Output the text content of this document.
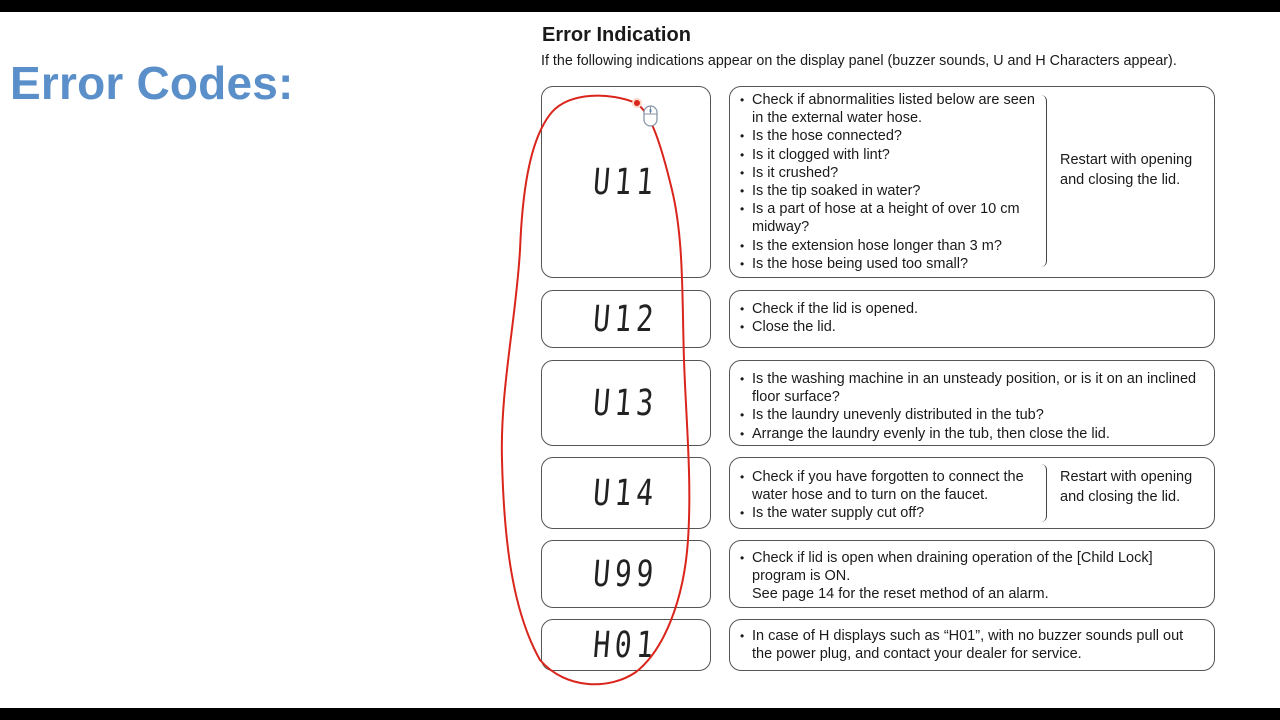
Error Codes:
Error Indication

If the following indications appear on the display panel (buzzer sounds, U and H Characters appear).

U11
• Check if abnormalities listed below are seen in the external water hose.
• Is the hose connected?
• Is it clogged with lint?
• Is it crushed?
• Is the tip soaked in water?
• Is a part of hose at a height of over 10 cm midway?
• Is the extension hose longer than 3 m?
• Is the hose being used too small?
Restart with opening and closing the lid.
U12	• Check if the lid is opened.
• Close the lid.
U13
• Is the washing machine in an unsteady position, or is it on an inclined floor surface?
• Is the laundry unevenly distributed in the tub?
• Arrange the laundry evenly in the tub, then close the lid.
U14	• Check if you have forgotten to connect the water hose and to turn on the faucet.
• Is the water supply cut off?
Restart with opening and closing the lid.
U99	• Check if lid is open when draining operation of the [Child Lock] program is ON.
See page 14 for the reset method of an alarm.
H01	• In case of H displays such as “H01”, with no buzzer sounds pull out the power plug, and contact your dealer for service.
